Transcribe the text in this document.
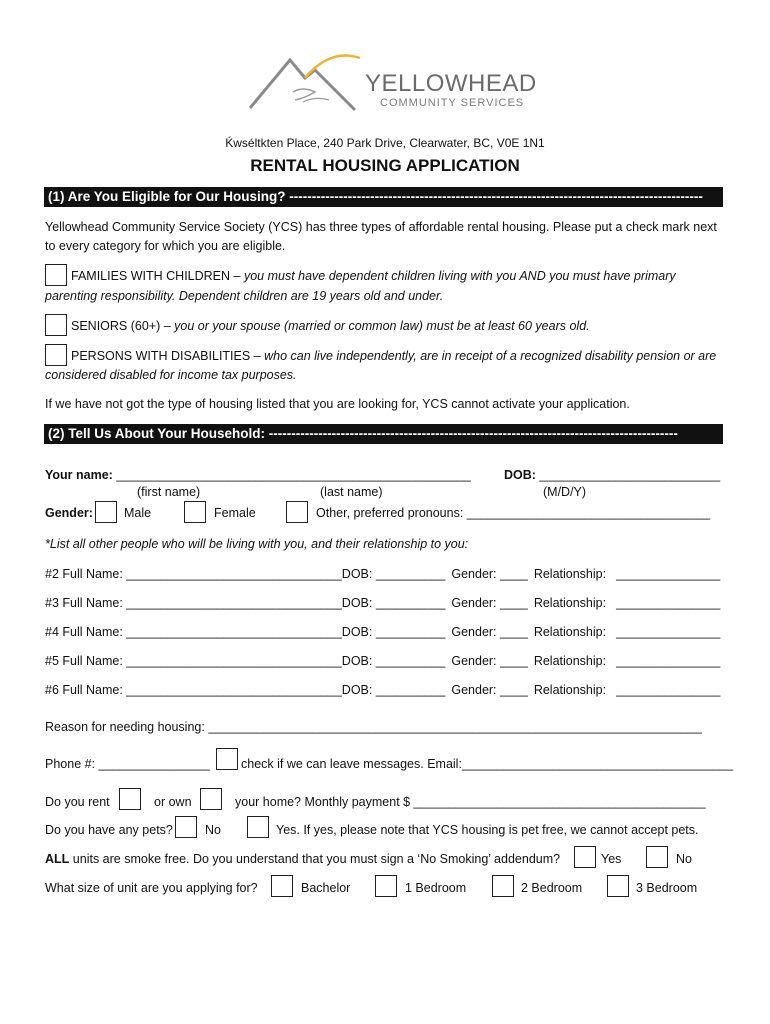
YELLOWHEAD
COMMUNITY SERVICES
Ḱwséltkten Place, 240 Park Drive, Clearwater, BC, V0E 1N1
RENTAL HOUSING APPLICATION
(1) Are You Eligible for Our Housing? --------------------------------------------------------------------------------------------
Yellowhead Community Service Society (YCS) has three types of affordable rental housing. Please put a check mark next
to every category for which you are eligible.
FAMILIES WITH CHILDREN – you must have dependent children living with you AND you must have primary
parenting responsibility. Dependent children are 19 years old and under.
SENIORS (60+) – you or your spouse (married or common law) must be at least 60 years old.
PERSONS WITH DISABILITIES – who can live independently, are in receipt of a recognized disability pension or are
considered disabled for income tax purposes.
If we have not got the type of housing listed that you are looking for, YCS cannot activate your application.
(2) Tell Us About Your Household: -------------------------------------------------------------------------------------------
Your name: ___________________________________________________	DOB: __________________________
(first name)	(last name)	(M/D/Y)
Gender: Male	Female	Other, preferred pronouns: ___________________________________
*List all other people who will be living with you, and their relationship to you:
#2 Full Name: _______________________________DOB: __________ Gender: ____ Relationship: _______________
#3 Full Name: _______________________________DOB: __________ Gender: ____ Relationship: _______________
#4 Full Name: _______________________________DOB: __________ Gender: ____ Relationship: _______________
#5 Full Name: _______________________________DOB: __________ Gender: ____ Relationship: _______________
#6 Full Name: _______________________________DOB: __________ Gender: ____ Relationship: _______________
Reason for needing housing: _______________________________________________________________________
Phone #: ________________	check if we can leave messages. Email:_______________________________________
Do you rent	or own	your home? Monthly payment $ __________________________________________
Do you have any pets?	No	Yes. If yes, please note that YCS housing is pet free, we cannot accept pets.
ALL units are smoke free. Do you understand that you must sign a ‘No Smoking’ addendum?	Yes	No
What size of unit are you applying for?	Bachelor	1 Bedroom	2 Bedroom	3 Bedroom
